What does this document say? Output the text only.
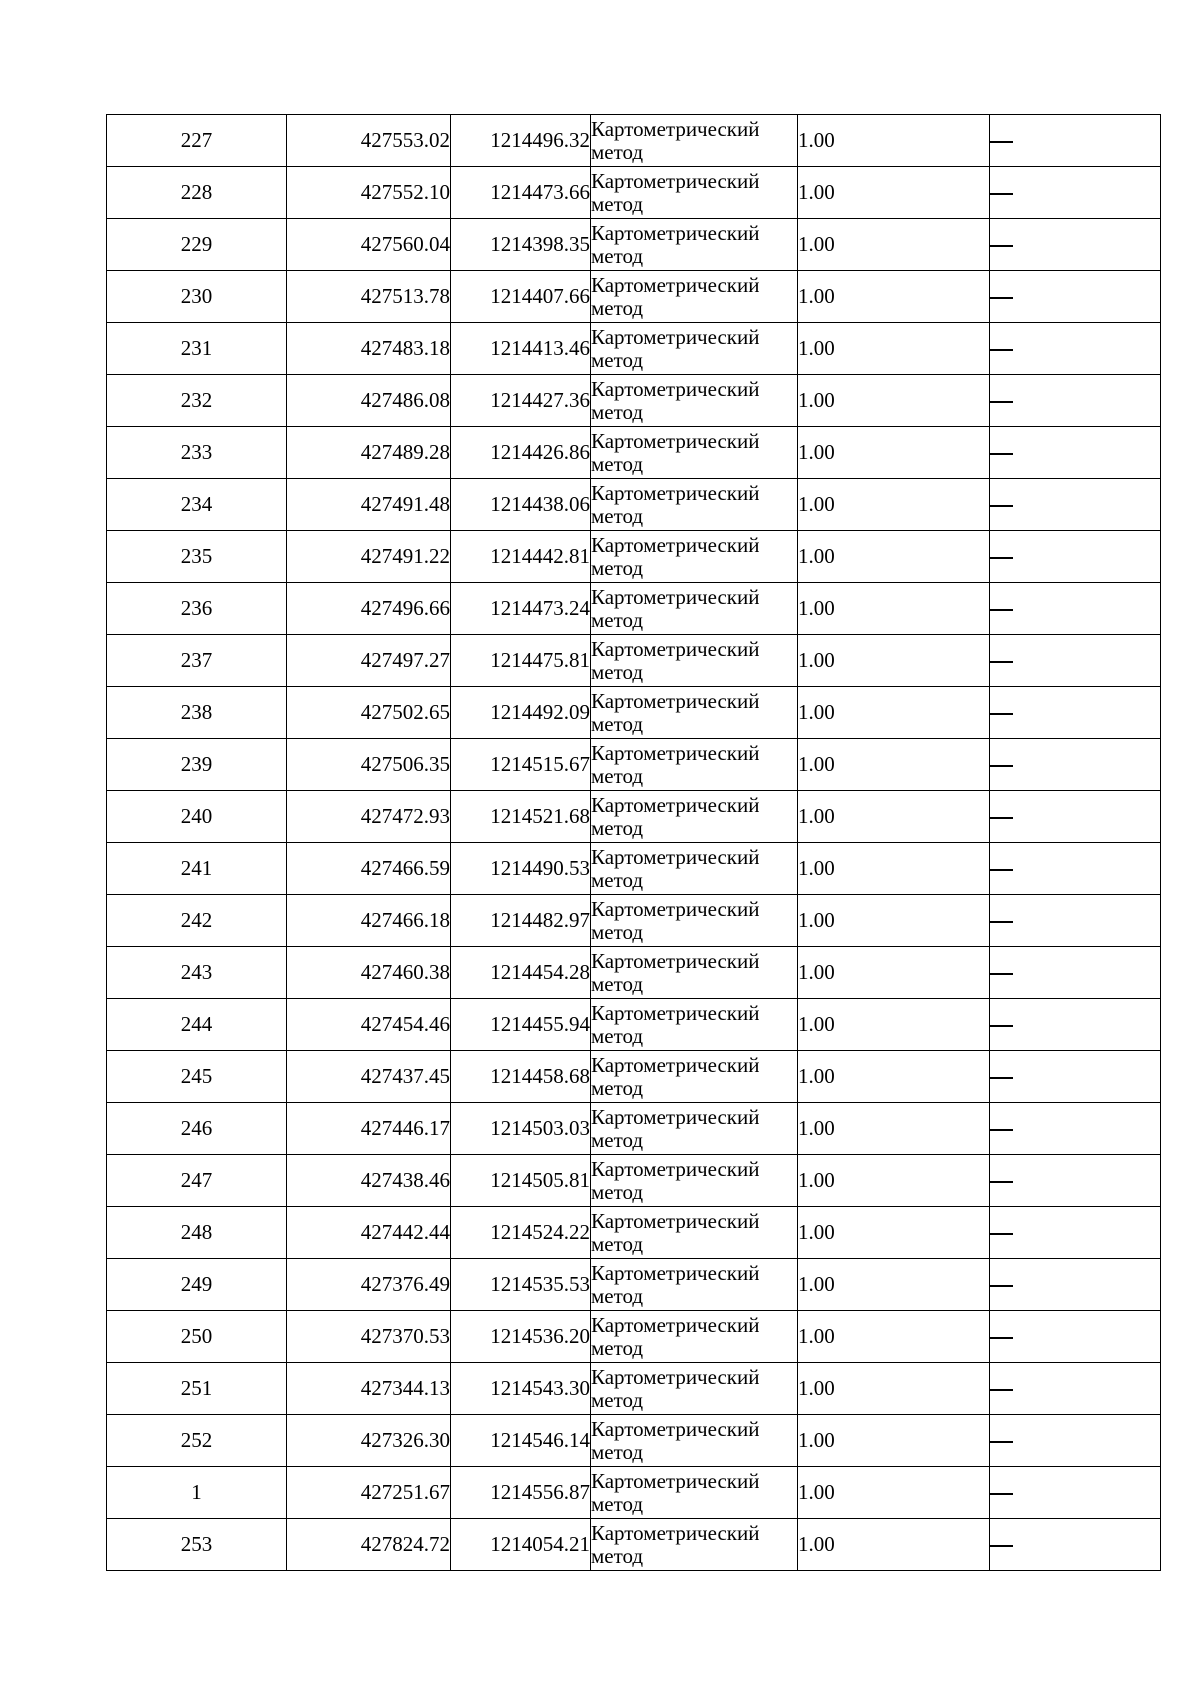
227	427553.02	1214496.32	Картометрический метод	1.00	
228	427552.10	1214473.66	Картометрический метод	1.00	
229	427560.04	1214398.35	Картометрический метод	1.00	
230	427513.78	1214407.66	Картометрический метод	1.00	
231	427483.18	1214413.46	Картометрический метод	1.00	
232	427486.08	1214427.36	Картометрический метод	1.00	
233	427489.28	1214426.86	Картометрический метод	1.00	
234	427491.48	1214438.06	Картометрический метод	1.00	
235	427491.22	1214442.81	Картометрический метод	1.00	
236	427496.66	1214473.24	Картометрический метод	1.00	
237	427497.27	1214475.81	Картометрический метод	1.00	
238	427502.65	1214492.09	Картометрический метод	1.00	
239	427506.35	1214515.67	Картометрический метод	1.00	
240	427472.93	1214521.68	Картометрический метод	1.00	
241	427466.59	1214490.53	Картометрический метод	1.00	
242	427466.18	1214482.97	Картометрический метод	1.00	
243	427460.38	1214454.28	Картометрический метод	1.00	
244	427454.46	1214455.94	Картометрический метод	1.00	
245	427437.45	1214458.68	Картометрический метод	1.00	
246	427446.17	1214503.03	Картометрический метод	1.00	
247	427438.46	1214505.81	Картометрический метод	1.00	
248	427442.44	1214524.22	Картометрический метод	1.00	
249	427376.49	1214535.53	Картометрический метод	1.00	
250	427370.53	1214536.20	Картометрический метод	1.00	
251	427344.13	1214543.30	Картометрический метод	1.00	
252	427326.30	1214546.14	Картометрический метод	1.00	
1	427251.67	1214556.87	Картометрический метод	1.00	
253	427824.72	1214054.21	Картометрический метод	1.00	
